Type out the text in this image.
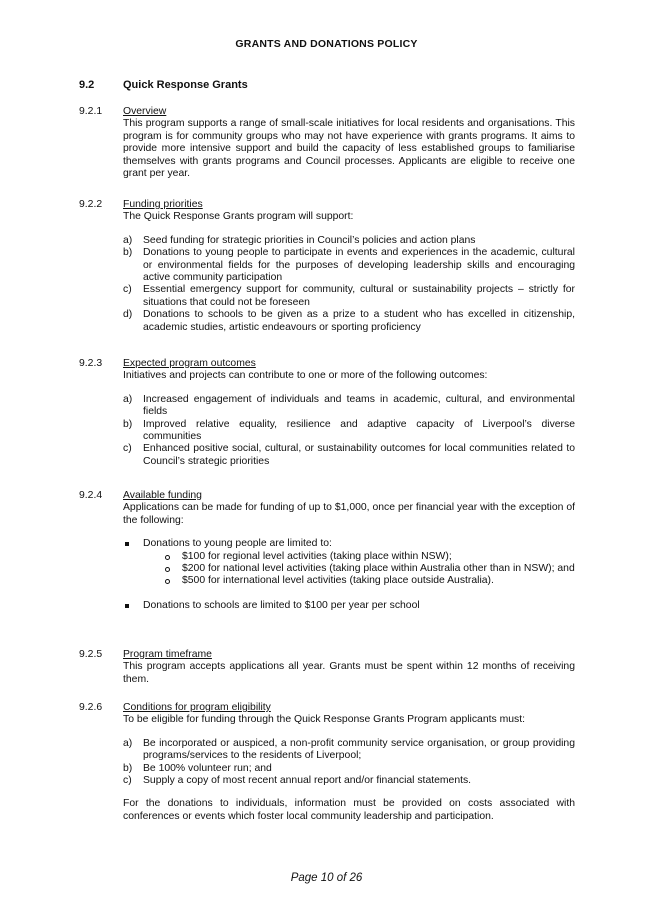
GRANTS AND DONATIONS POLICY
9.2	Quick Response Grants
9.2.1 Overview

This program supports a range of small-scale initiatives for local residents and organisations. This program is for community groups who may not have experience with grants programs. It aims to provide more intensive support and build the capacity of less established groups to familiarise themselves with grants programs and Council processes. Applicants are eligible to receive one grant per year.

9.2.2 Funding priorities

The Quick Response Grants program will support:

a) Seed funding for strategic priorities in Council’s policies and action plans
b) Donations to young people to participate in events and experiences in the academic, cultural or environmental fields for the purposes of developing leadership skills and encouraging active community participation
c) Essential emergency support for community, cultural or sustainability projects – strictly for situations that could not be foreseen
d) Donations to schools to be given as a prize to a student who has excelled in citizenship, academic studies, artistic endeavours or sporting proficiency
9.2.3 Expected program outcomes

Initiatives and projects can contribute to one or more of the following outcomes:

a) Increased engagement of individuals and teams in academic, cultural, and environmental fields
b) Improved relative equality, resilience and adaptive capacity of Liverpool’s diverse communities
c) Enhanced positive social, cultural, or sustainability outcomes for local communities related to Council’s strategic priorities
9.2.4 Available funding

Applications can be made for funding of up to $1,000, once per financial year with the exception of the following:

Donations to young people are limited to:
$100 for regional level activities (taking place within NSW);
$200 for national level activities (taking place within Australia other than in NSW); and
$500 for international level activities (taking place outside Australia).
Donations to schools are limited to $100 per year per school
9.2.5 Program timeframe

This program accepts applications all year. Grants must be spent within 12 months of receiving them.

9.2.6 Conditions for program eligibility

To be eligible for funding through the Quick Response Grants Program applicants must:

a) Be incorporated or auspiced, a non-profit community service organisation, or group providing programs/services to the residents of Liverpool;
b) Be 100% volunteer run; and
c) Supply a copy of most recent annual report and/or financial statements.

For the donations to individuals, information must be provided on costs associated with conferences or events which foster local community leadership and participation.

Page 10 of 26
